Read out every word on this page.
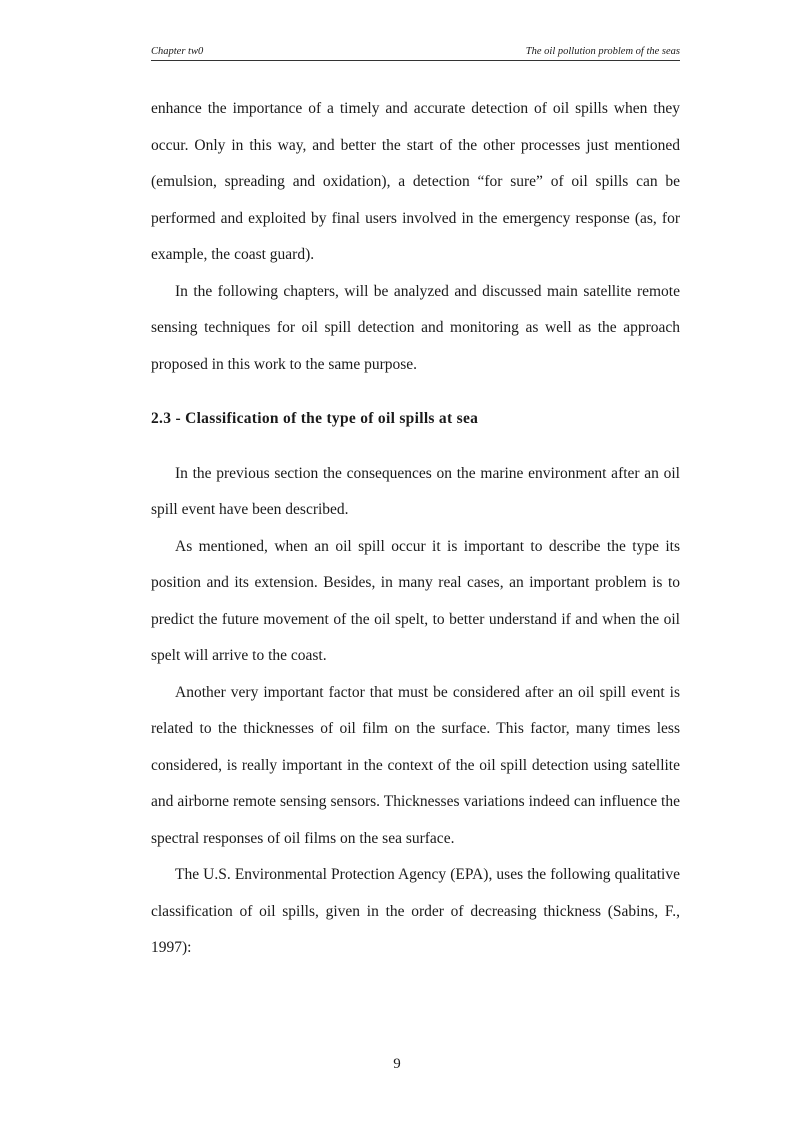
Chapter tw0	The oil pollution problem of the seas

enhance the importance of a timely and accurate detection of oil spills when they occur. Only in this way, and better the start of the other processes just mentioned (emulsion, spreading and oxidation), a detection “for sure” of oil spills can be performed and exploited by final users involved in the emergency response (as, for example, the coast guard).

In the following chapters, will be analyzed and discussed main satellite remote sensing techniques for oil spill detection and monitoring as well as the approach proposed in this work to the same purpose.

2.3 - Classification of the type of oil spills at sea

In the previous section the consequences on the marine environment after an oil spill event have been described.

As mentioned, when an oil spill occur it is important to describe the type its position and its extension. Besides, in many real cases, an important problem is to predict the future movement of the oil spelt, to better understand if and when the oil spelt will arrive to the coast.

Another very important factor that must be considered after an oil spill event is related to the thicknesses of oil film on the surface. This factor, many times less considered, is really important in the context of the oil spill detection using satellite and airborne remote sensing sensors. Thicknesses variations indeed can influence the spectral responses of oil films on the sea surface.

The U.S. Environmental Protection Agency (EPA), uses the following qualitative classification of oil spills, given in the order of decreasing thickness (Sabins, F., 1997):

9
